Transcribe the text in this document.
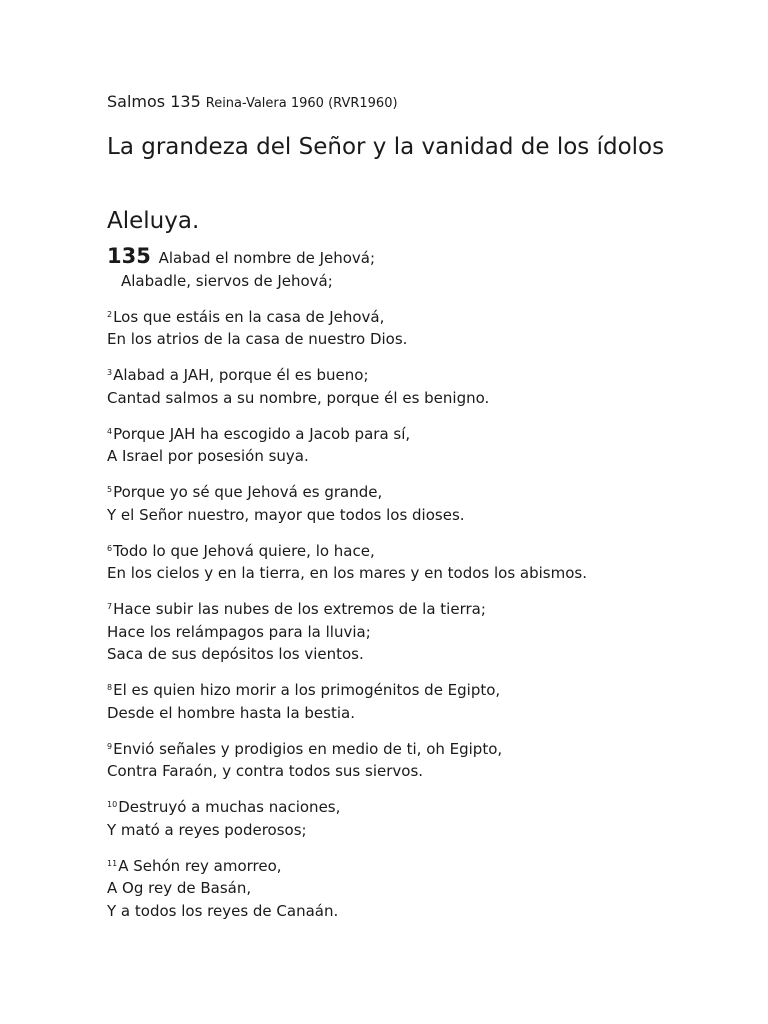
Salmos 135 Reina-Valera 1960 (RVR1960)
La grandeza del Señor y la vanidad de los ídolos
Aleluya.
135 Alabad el nombre de Jehová;
Alabadle, siervos de Jehová;
$^2$Los que estáis en la casa de Jehová,
En los atrios de la casa de nuestro Dios.
$^3$Alabad a JAH, porque él es bueno;
Cantad salmos a su nombre, porque él es benigno.
$^4$Porque JAH ha escogido a Jacob para sí,
A Israel por posesión suya.
$^5$Porque yo sé que Jehová es grande,
Y el Señor nuestro, mayor que todos los dioses.
$^6$Todo lo que Jehová quiere, lo hace,
En los cielos y en la tierra, en los mares y en todos los abismos.
$^7$Hace subir las nubes de los extremos de la tierra;
Hace los relámpagos para la lluvia;
Saca de sus depósitos los vientos.
$^8$El es quien hizo morir a los primogénitos de Egipto,
Desde el hombre hasta la bestia.
$^9$Envió señales y prodigios en medio de ti, oh Egipto,
Contra Faraón, y contra todos sus siervos.
$^{10}$Destruyó a muchas naciones,
Y mató a reyes poderosos;
$^{11}$A Sehón rey amorreo,
A Og rey de Basán,
Y a todos los reyes de Canaán.
